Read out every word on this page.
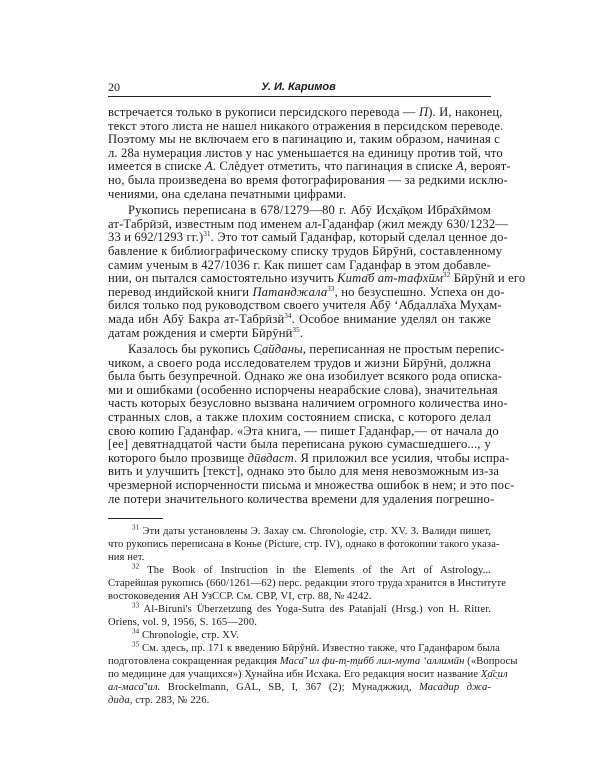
20	У. И. Каримов
встречается только в рукописи персидского перевода — П). И, наконец,
текст этого листа не нашел никакого отражения в персидском переводе.
Поэтому мы не включаем его в пагинацию и, таким образом, начиная с
л. 28а нумерация листов у нас уменьшается на единицу против той, что
имеется в списке А. Слèдует отметить, что пагинация в списке А, вероят-
но, была произведена во время фотографирования — за редкими исклю-
чениями, она сделана печатными цифрами.
Рукопись переписана в 678/1279—80 г. Абӯ Исх̣а̄к̣ом Ибра̄хӣмом
ат-Табрӣзӣ, известным под именем ал-Г̣аданфар (жил между 630/1232—
33 и 692/1293 гг.)$^{31}$. Это тот самый Г̣аданфар, который сделал ценное до-
бавление к библиографическому списку трудов Бӣрӯнӣ, составленному
самим ученым в 427/1036 г. Как пишет сам Г̣аданфар в этом добавле-
нии, он пытался самостоятельно изучить Кита̄б ат-тафхӣм$^{32}$ Бӣрӯнӣ и его
перевод индийской книги Патанджала$^{33}$, но безуспешно. Успеха он до-
бился только под руководством своего учителя Абӯ ‘Абдалла̄ха Мух̣ам-
мада ибн Абӯ Бакра ат-Табрӣзӣ$^{34}$. Особое внимание уделял он также
датам рождения и смерти Бӣрӯнӣ$^{35}$.
Казалось бы рукопись С̣айданы, переписанная не простым перепис-
чиком, а своего рода исследователем трудов и жизни Бӣрӯнӣ, должна
была быть безупречной. Однако же она изобилует всякого рода описка-
ми и ошибками (особенно испорчены неарабские слова), значительная
часть которых безусловно вызвана наличием огромного количества ино-
странных слов, а также плохим состоянием списка, с которого делал
свою копию Г̣аданфар. «Эта книга, — пишет Г̣аданфар,— от начала до
[ее] девятнадцатой части была переписана рукою сумасшедшего..., у
которого было прозвище дӣвдаст. Я приложил все усилия, чтобы испра-
вить и улучшить [текст], однако это было для меня невозможным из-за
чрезмерной испорченности письма и множества ошибок в нем; и это пос-
ле потери значительного количества времени для удаления погрешно-
$^{31}$ Эти даты установлены Э. Захау см. Chronologie, стр. XV. З. Валиди пишет,
что рукопись переписана в Конье (Picture, стр. IV), однако в фотокопии такого указа-
ния нет.
$^{32}$ The Book of Instruction in the Elements of the Art of Astrology...
Старейшая рукопись (660/1261—62) перс. редакции этого труда хранится в Институте
востоковедения АН УзССР. См. СВР, VI, стр. 88, № 4242.
$^{33}$ Al-Biruni's Überzetzung des Yoga-Sutra des Patanjali (Hrsg.) von H. Ritter.
Oriens, vol. 9, 1956, S. 165—200.
$^{34}$ Chronologie, стр. XV.
$^{35}$ См. здесь, пр. 171 к введению Бӣрӯнӣ. Известно также, что Г̣аданфаром была
подготовлена сокращенная редакция Маса̄’ ил фи-т̣-т̣ибб лил-мута ‘аллимӣн («Вопросы
по медицине для учащихся») Х̣унайна ибн Исхака. Его редакция носит название Х̣а̄с̣ил
ал-маса̄’ил. Brockelmann, GAL, SB, I, 367 (2); Мунаджжид, Масадир джа-
дида, стр. 283, № 226.
